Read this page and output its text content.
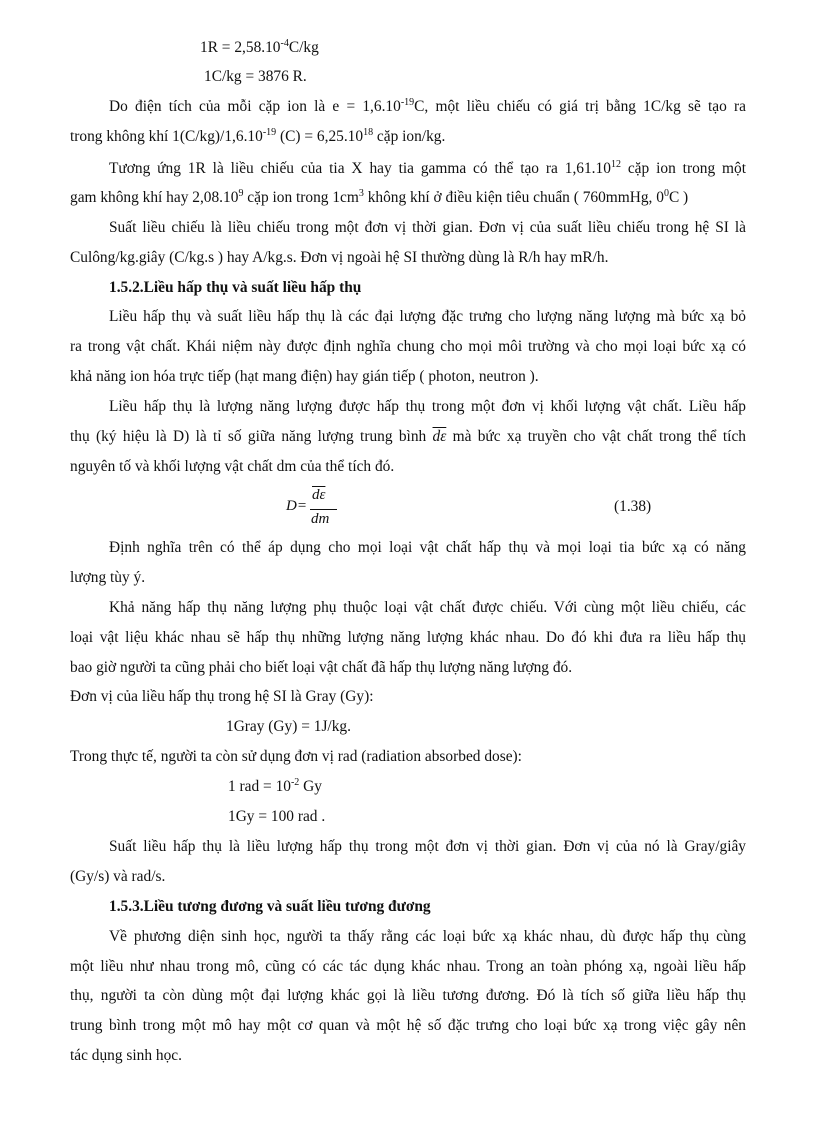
$1R = 2,58.10^{-4}C/kg$
1C/kg = 3876 R.
Do điện tích của mỗi cặp ion là $e = 1,6.10^{-19}C$, một liều chiếu có giá trị bằng 1C/kg sẽ tạo ra
trong không khí $1(C/kg)/1,6.10^{-19}$ $(C) = 6,25.10^{18}$ cặp ion/kg.
Tương ứng 1R là liều chiếu của tia X hay tia gamma có thể tạo ra 1,61.10$^{12}$ cặp ion trong một
gam không khí hay 2,08.10$^9$ cặp ion trong $1cm^3$ không khí ở điều kiện tiêu chuẩn ( 760mmHg, $0^0C$ )
Suất liều chiếu là liều chiếu trong một đơn vị thời gian. Đơn vị của suất liều chiếu trong hệ SI là
Culông/kg.giây (C/kg.s ) hay A/kg.s. Đơn vị ngoài hệ SI thường dùng là R/h hay mR/h.
1.5.2.Liều hấp thụ và suất liều hấp thụ
Liều hấp thụ và suất liều hấp thụ là các đại lượng đặc trưng cho lượng năng lượng mà bức xạ bỏ
ra trong vật chất. Khái niệm này được định nghĩa chung cho mọi môi trường và cho mọi loại bức xạ có
khả năng ion hóa trực tiếp (hạt mang điện) hay gián tiếp ( photon, neutron ).
Liều hấp thụ là lượng năng lượng được hấp thụ trong một đơn vị khối lượng vật chất. Liều hấp
thụ (ký hiệu là D) là tỉ số giữa năng lượng trung bình $\overline{d\varepsilon}$ mà bức xạ truyền cho vật chất trong thể tích
nguyên tố và khối lượng vật chất dm của thể tích đó.
D=
$\overline{d\varepsilon}$
dm
(1.38)
Định nghĩa trên có thể áp dụng cho mọi loại vật chất hấp thụ và mọi loại tia bức xạ có năng
lượng tùy ý.
Khả năng hấp thụ năng lượng phụ thuộc loại vật chất được chiếu. Với cùng một liều chiếu, các
loại vật liệu khác nhau sẽ hấp thụ những lượng năng lượng khác nhau. Do đó khi đưa ra liều hấp thụ
bao giờ người ta cũng phải cho biết loại vật chất đã hấp thụ lượng năng lượng đó.
Đơn vị của liều hấp thụ trong hệ SI là Gray (Gy):
1Gray (Gy) = 1J/kg.
Trong thực tế, người ta còn sử dụng đơn vị rad (radiation absorbed dose):
1 rad = $10^{-2}$ Gy
1Gy = 100 rad .
Suất liều hấp thụ là liều lượng hấp thụ trong một đơn vị thời gian. Đơn vị của nó là Gray/giây
(Gy/s) và rad/s.
1.5.3.Liều tương đương và suất liều tương đương
Về phương diện sinh học, người ta thấy rằng các loại bức xạ khác nhau, dù được hấp thụ cùng
một liều như nhau trong mô, cũng có các tác dụng khác nhau. Trong an toàn phóng xạ, ngoài liều hấp
thụ, người ta còn dùng một đại lượng khác gọi là liều tương đương. Đó là tích số giữa liều hấp thụ
trung bình trong một mô hay một cơ quan và một hệ số đặc trưng cho loại bức xạ trong việc gây nên
tác dụng sinh học.
